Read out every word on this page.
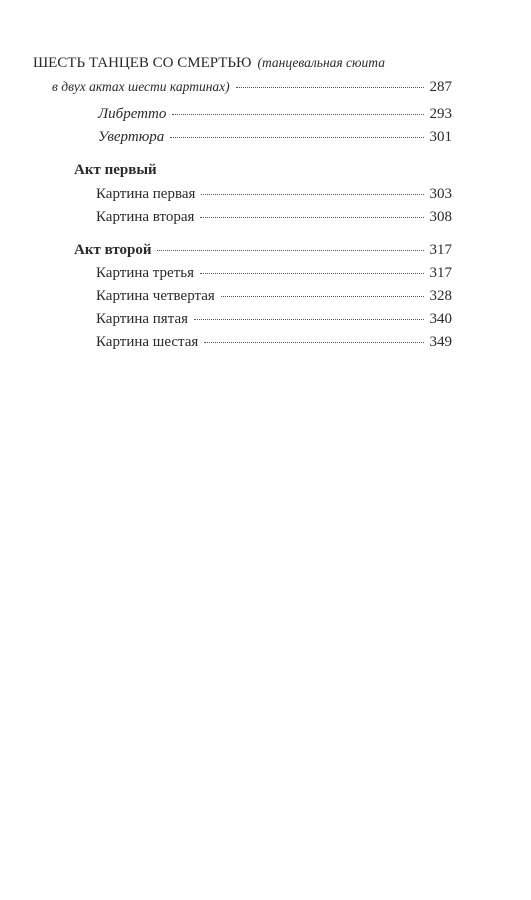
ШЕСТЬ ТАНЦЕВ СО СМЕРТЬЮ (танцевальная сюита
в двух актах шести картинах)	287
Либретто	293
Увертюра	301
Акт первый
Картина первая	303
Картина вторая	308
Акт второй	317
Картина третья	317
Картина четвертая	328
Картина пятая	340
Картина шестая	349
